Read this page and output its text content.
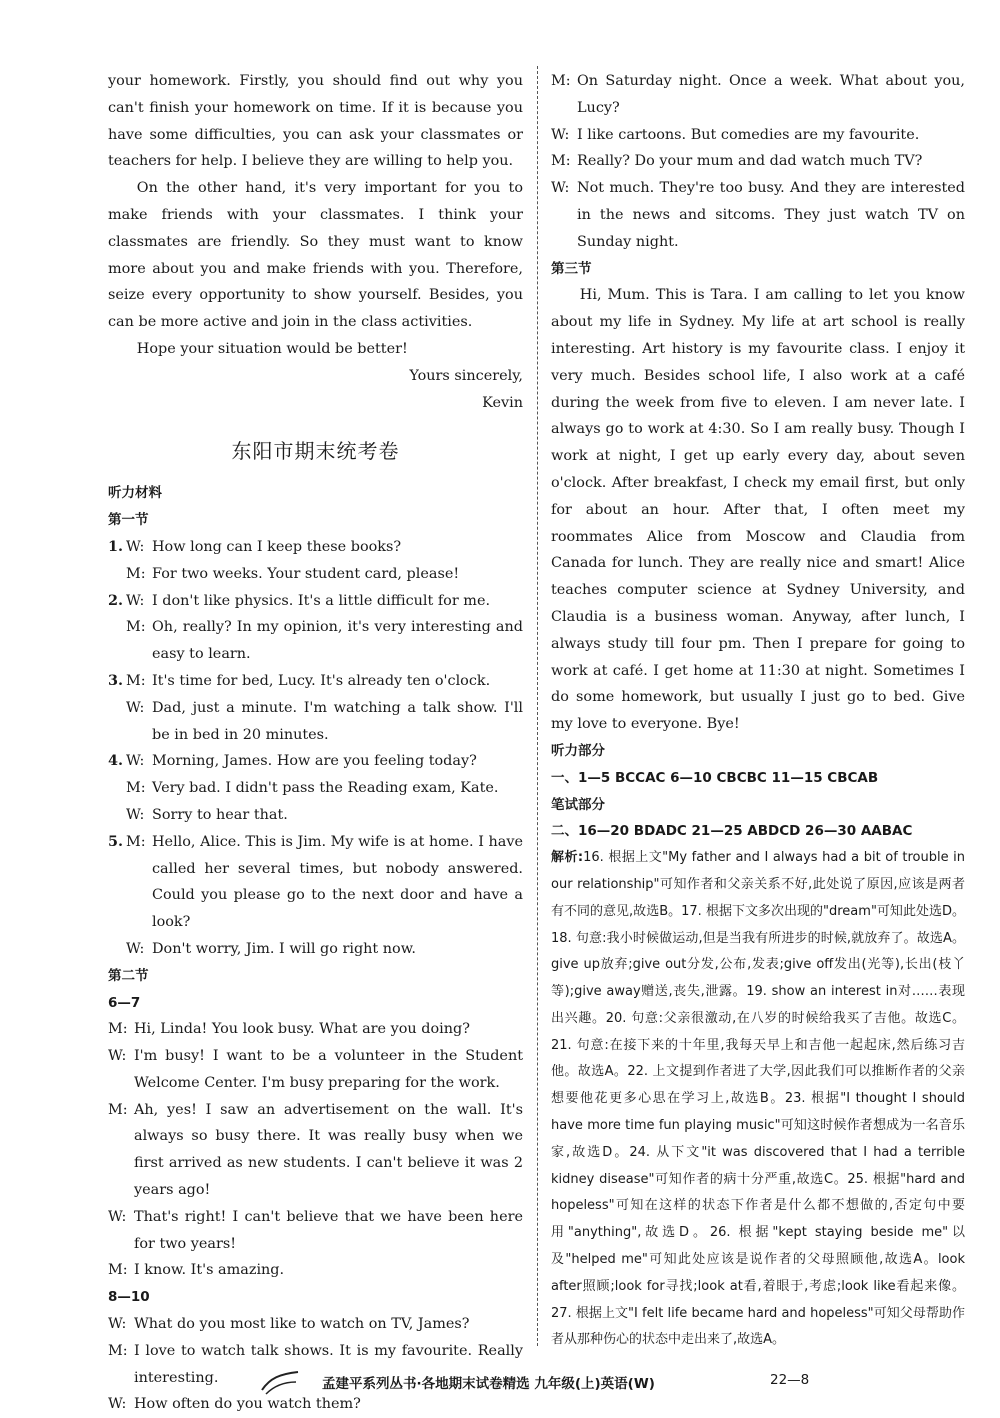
your homework. Firstly, you should find out why you can't finish your homework on time. If it is because you have some difficulties, you can ask your classmates or teachers for help. I believe they are willing to help you.

On the other hand, it's very important for you to make friends with your classmates. I think your classmates are friendly. So they must want to know more about you and make friends with you. Therefore, seize every opportunity to show yourself. Besides, you can be more active and join in the class activities.

Hope your situation would be better!

Yours sincerely,

Kevin

东阳市期末统考卷

听力材料

第一节

1. W: How long can I keep these books?
M: For two weeks. Your student card, please!
2. W: I don't like physics. It's a little difficult for me.
M: Oh, really? In my opinion, it's very interesting and easy to learn.
3. M: It's time for bed, Lucy. It's already ten o'clock.
W: Dad, just a minute. I'm watching a talk show. I'll be in bed in 20 minutes.
4. W: Morning, James. How are you feeling today?
M: Very bad. I didn't pass the Reading exam, Kate.
W: Sorry to hear that.
5. M: Hello, Alice. This is Jim. My wife is at home. I have called her several times, but nobody answered. Could you please go to the next door and have a look?
W: Don't worry, Jim. I will go right now.

第二节

6—7

M: Hi, Linda! You look busy. What are you doing?
W: I'm busy! I want to be a volunteer in the Student Welcome Center. I'm busy preparing for the work.
M: Ah, yes! I saw an advertisement on the wall. It's always so busy there. It was really busy when we first arrived as new students. I can't believe it was 2 years ago!
W: That's right! I can't believe that we have been here for two years!
M: I know. It's amazing.

8—10

W: What do you most like to watch on TV, James?
M: I love to watch talk shows. It is my favourite. Really interesting.
W: How often do you watch them?
M: On Saturday night. Once a week. What about you, Lucy?
W: I like cartoons. But comedies are my favourite.
M: Really? Do your mum and dad watch much TV?
W: Not much. They're too busy. And they are interested in the news and sitcoms. They just watch TV on Sunday night.

第三节

Hi, Mum. This is Tara. I am calling to let you know about my life in Sydney. My life at art school is really interesting. Art history is my favourite class. I enjoy it very much. Besides school life, I also work at a café during the week from five to eleven. I am never late. I always go to work at 4:30. So I am really busy. Though I work at night, I get up early every day, about seven o'clock. After breakfast, I check my email first, but only for about an hour. After that, I often meet my roommates Alice from Moscow and Claudia from Canada for lunch. They are really nice and smart! Alice teaches computer science at Sydney University, and Claudia is a business woman. Anyway, after lunch, I always study till four pm. Then I prepare for going to work at café. I get home at 11:30 at night. Sometimes I do some homework, but usually I just go to bed. Give my love to everyone. Bye!

听力部分

一、1—5 BCCAC 6—10 CBCBC 11—15 CBCAB

笔试部分

二、16—20 BDADC 21—25 ABDCD 26—30 AABAC

解析:16. 根据上文"My father and I always had a bit of trouble in our relationship"可知作者和父亲关系不好,此处说了原因,应该是两者有不同的意见,故选B。17. 根据下文多次出现的"dream"可知此处选D。18. 句意:我小时候做运动,但是当我有所进步的时候,就放弃了。故选A。give up放弃;give out分发,公布,发表;give off发出(光等),长出(枝丫等);give away赠送,丧失,泄露。19. show an interest in对……表现出兴趣。20. 句意:父亲很激动,在八岁的时候给我买了吉他。故选C。21. 句意:在接下来的十年里,我每天早上和吉他一起起床,然后练习吉他。故选A。22. 上文提到作者进了大学,因此我们可以推断作者的父亲想要他花更多心思在学习上,故选B。23. 根据"I thought I should have more time fun playing music"可知这时候作者想成为一名音乐家,故选D。24. 从下文"it was discovered that I had a terrible kidney disease"可知作者的病十分严重,故选C。25. 根据"hard and hopeless"可知在这样的状态下作者是什么都不想做的,否定句中要用"anything",故选D。26. 根据"kept staying beside me"以及"helped me"可知此处应该是说作者的父母照顾他,故选A。look after照顾;look for寻找;look at看,着眼于,考虑;look like看起来像。27. 根据上文"I felt life became hard and hopeless"可知父母帮助作者从那种伤心的状态中走出来了,故选A。

孟建平系列丛书·各地期末试卷精选 九年级(上)英语(W)	22—8
